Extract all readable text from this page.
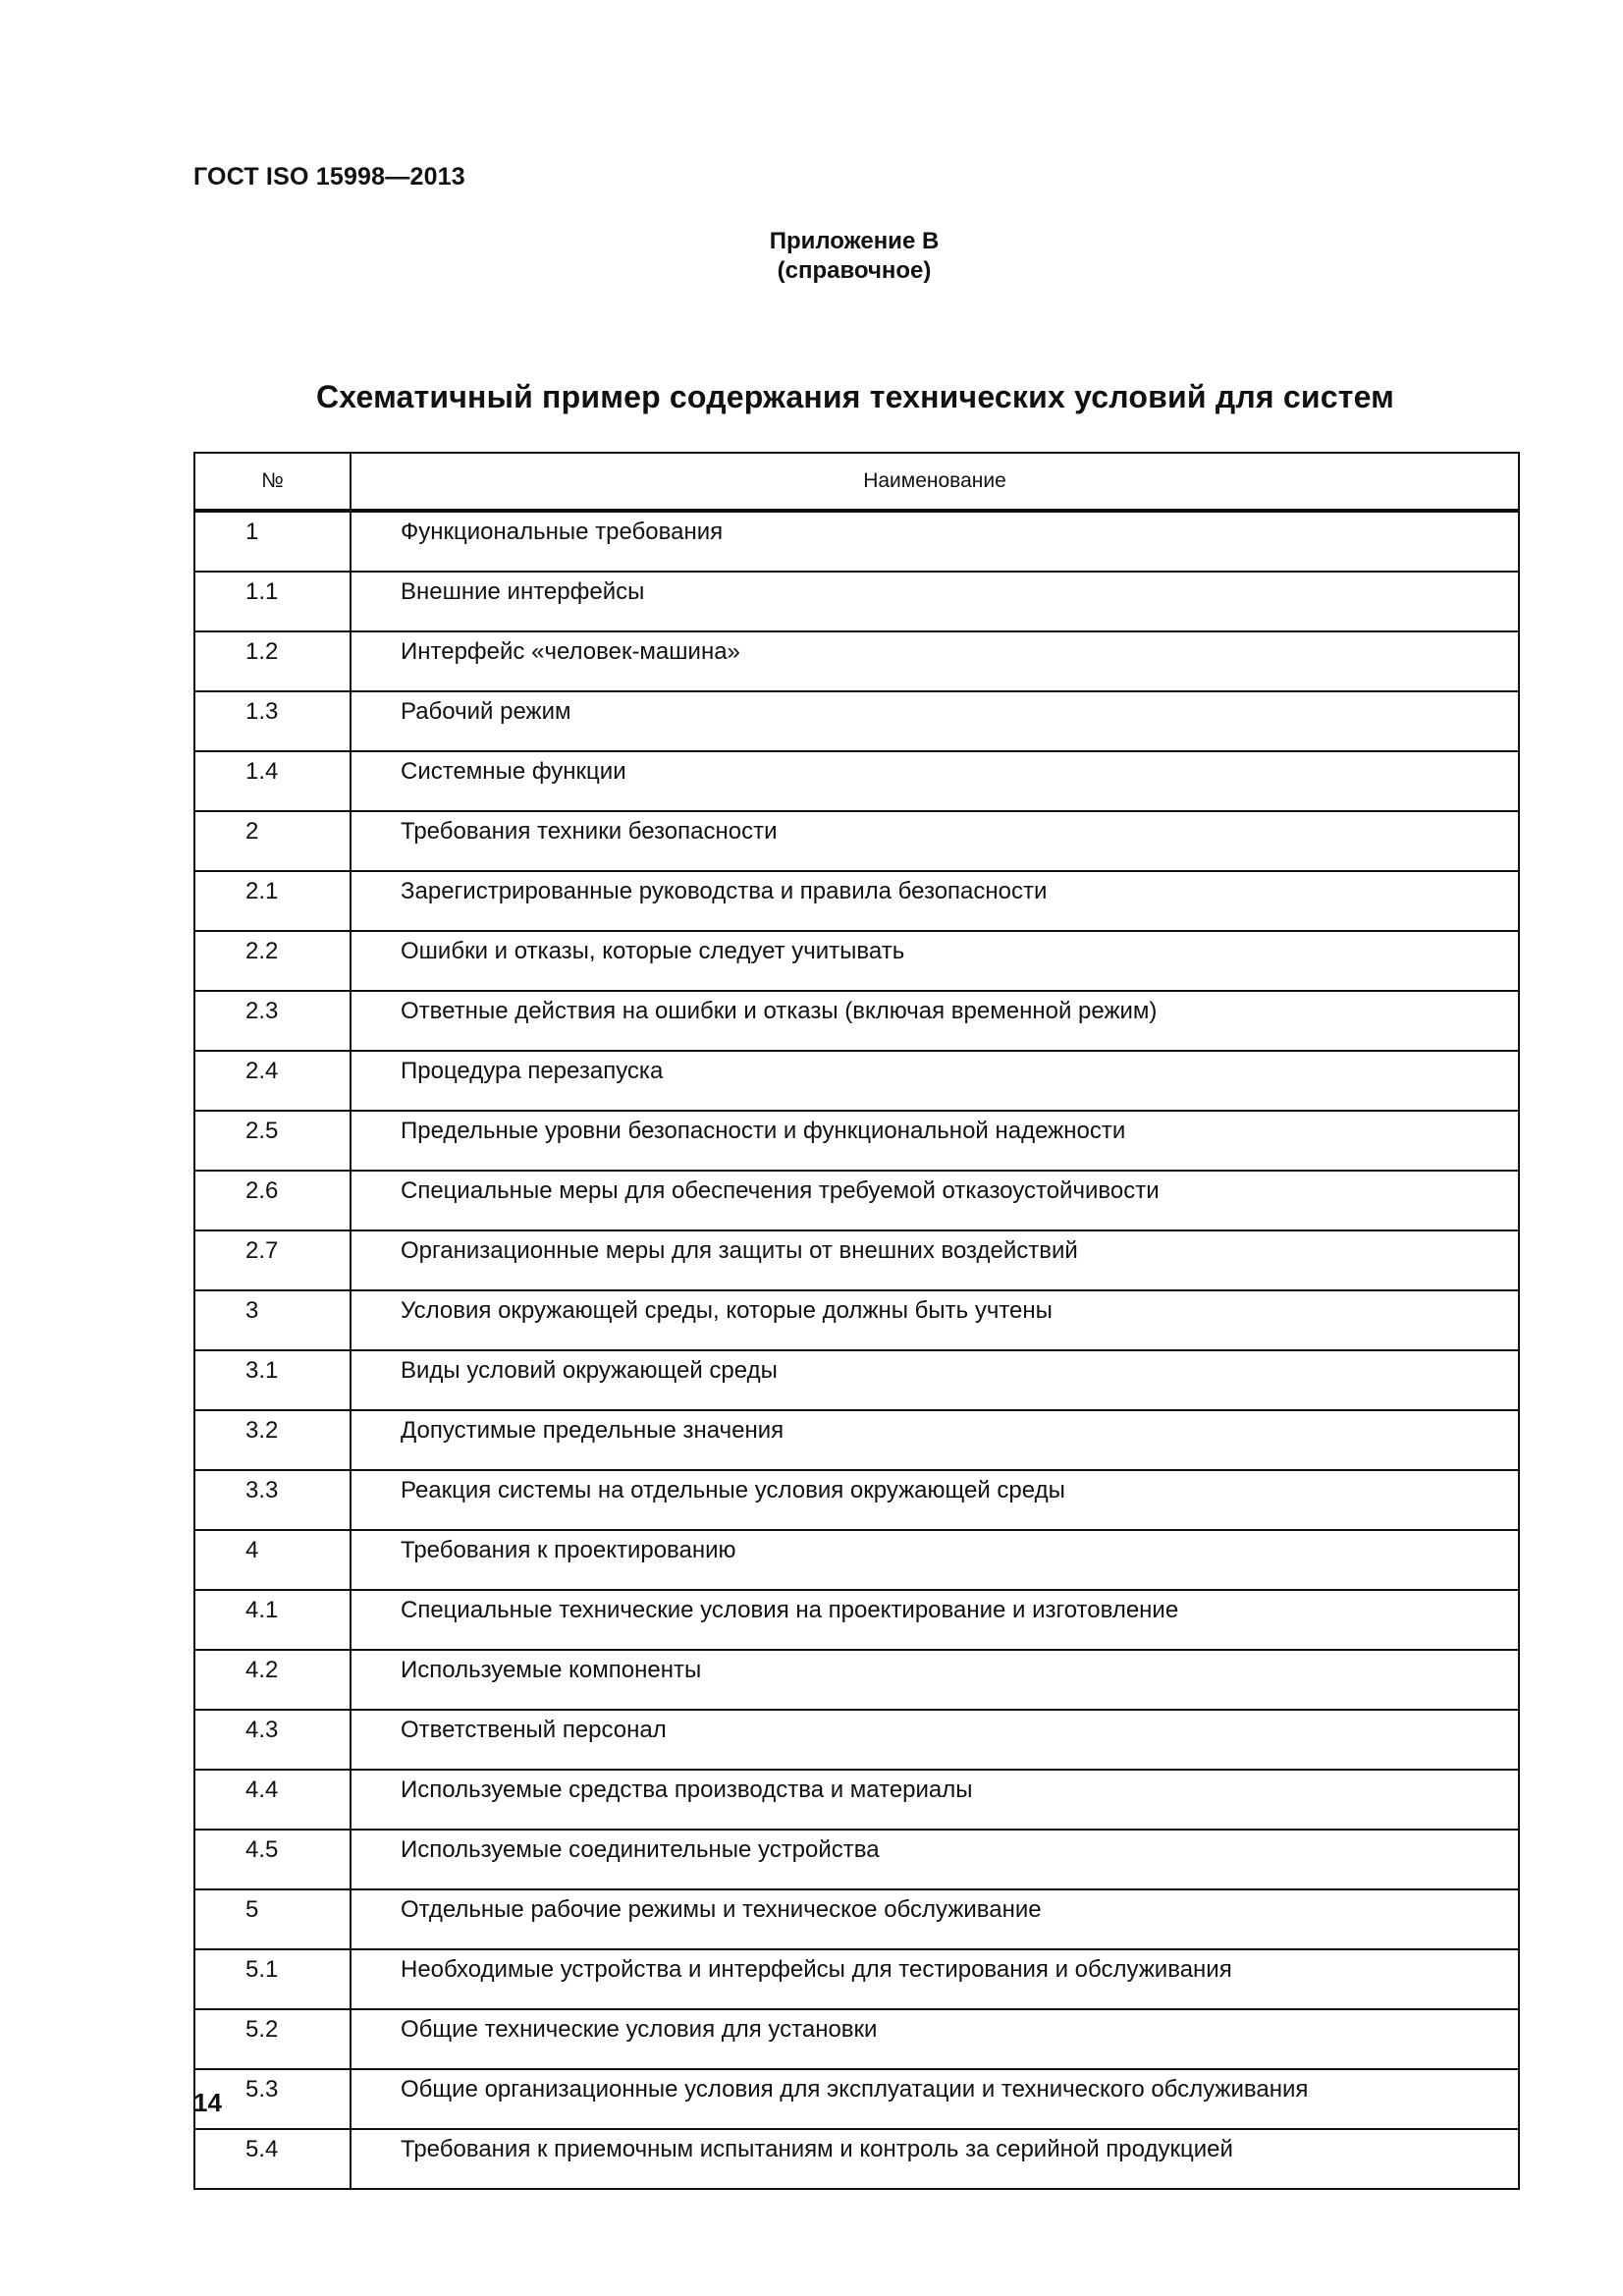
ГОСТ ISO 15998—2013
Приложение В
(справочное)
Схематичный пример содержания технических условий для систем
№	Наименование
1	Функциональные требования
1.1	Внешние интерфейсы
1.2	Интерфейс «человек-машина»
1.3	Рабочий режим
1.4	Системные функции
2	Требования техники безопасности
2.1	Зарегистрированные руководства и правила безопасности
2.2	Ошибки и отказы, которые следует учитывать
2.3	Ответные действия на ошибки и отказы (включая временной режим)
2.4	Процедура перезапуска
2.5	Предельные уровни безопасности и функциональной надежности
2.6	Специальные меры для обеспечения требуемой отказоустойчивости
2.7	Организационные меры для защиты от внешних воздействий
3	Условия окружающей среды, которые должны быть учтены
3.1	Виды условий окружающей среды
3.2	Допустимые предельные значения
3.3	Реакция системы на отдельные условия окружающей среды
4	Требования к проектированию
4.1	Специальные технические условия на проектирование и изготовление
4.2	Используемые компоненты
4.3	Ответственый персонал
4.4	Используемые средства производства и материалы
4.5	Используемые соединительные устройства
5	Отдельные рабочие режимы и техническое обслуживание
5.1	Необходимые устройства и интерфейсы для тестирования и обслуживания
5.2	Общие технические условия для установки
5.3	Общие организационные условия для эксплуатации и технического обслуживания
5.4	Требования к приемочным испытаниям и контроль за серийной продукцией
14
